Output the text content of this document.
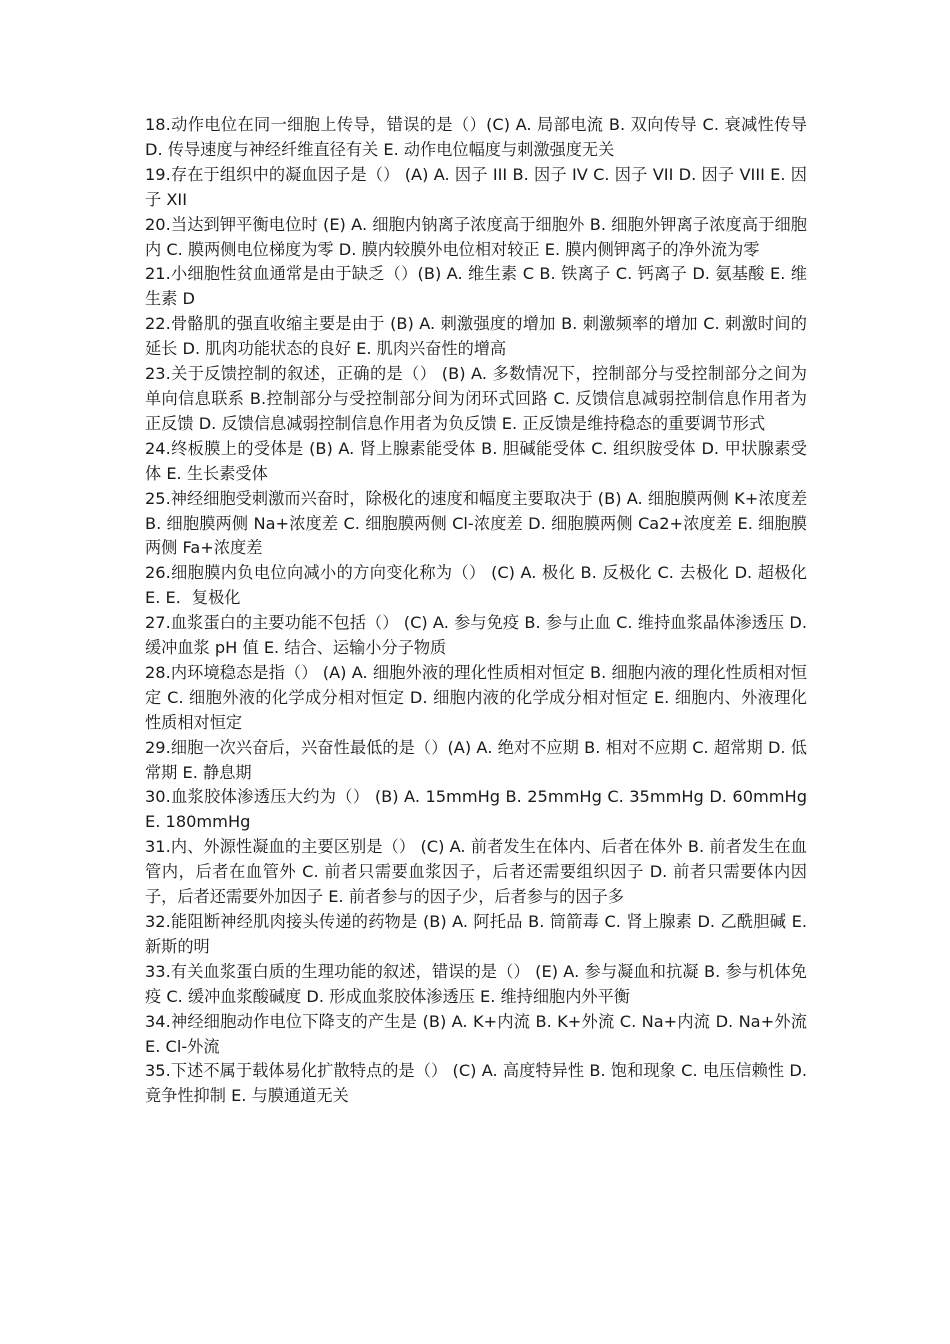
18.动作电位在同一细胞上传导，错误的是（）(C) A. 局部电流 B. 双向传导 C. 衰减性传导 D. 传导速度与神经纤维直径有关 E. 动作电位幅度与刺激强度无关

19.存在于组织中的凝血因子是（） (A) A. 因子 III B. 因子 IV C. 因子 VII D. 因子 VIII E. 因子 XII

20.当达到钾平衡电位时 (E) A. 细胞内钠离子浓度高于细胞外 B. 细胞外钾离子浓度高于细胞内 C. 膜两侧电位梯度为零 D. 膜内较膜外电位相对较正 E. 膜内侧钾离子的净外流为零

21.小细胞性贫血通常是由于缺乏（）(B) A. 维生素 C B. 铁离子 C. 钙离子 D. 氨基酸 E. 维生素 D

22.骨骼肌的强直收缩主要是由于 (B) A. 刺激强度的增加 B. 刺激频率的增加 C. 刺激时间的延长 D. 肌肉功能状态的良好 E. 肌肉兴奋性的增高

23.关于反馈控制的叙述，正确的是（） (B) A. 多数情况下，控制部分与受控制部分之间为单向信息联系 B.控制部分与受控制部分间为闭环式回路 C. 反馈信息减弱控制信息作用者为正反馈 D. 反馈信息减弱控制信息作用者为负反馈 E. 正反馈是维持稳态的重要调节形式

24.终板膜上的受体是 (B) A. 肾上腺素能受体 B. 胆碱能受体 C. 组织胺受体 D. 甲状腺素受体 E. 生长素受体

25.神经细胞受刺激而兴奋时，除极化的速度和幅度主要取决于 (B) A. 细胞膜两侧 K+浓度差 B. 细胞膜两侧 Na+浓度差 C. 细胞膜两侧 Cl-浓度差 D. 细胞膜两侧 Ca2+浓度差 E. 细胞膜两侧 Fa+浓度差

26.细胞膜内负电位向减小的方向变化称为（） (C) A. 极化 B. 反极化 C. 去极化 D. 超极化 E. E．复极化

27.血浆蛋白的主要功能不包括（） (C) A. 参与免疫 B. 参与止血 C. 维持血浆晶体渗透压 D. 缓冲血浆 pH 值 E. 结合、运输小分子物质

28.内环境稳态是指（） (A) A. 细胞外液的理化性质相对恒定 B. 细胞内液的理化性质相对恒定 C. 细胞外液的化学成分相对恒定 D. 细胞内液的化学成分相对恒定 E. 细胞内、外液理化性质相对恒定

29.细胞一次兴奋后，兴奋性最低的是（）(A) A. 绝对不应期 B. 相对不应期 C. 超常期 D. 低常期 E. 静息期

30.血浆胶体渗透压大约为（） (B) A. 15mmHg B. 25mmHg C. 35mmHg D. 60mmHg E. 180mmHg

31.内、外源性凝血的主要区别是（） (C) A. 前者发生在体内、后者在体外 B. 前者发生在血管内，后者在血管外 C. 前者只需要血浆因子，后者还需要组织因子 D. 前者只需要体内因子，后者还需要外加因子 E. 前者参与的因子少，后者参与的因子多

32.能阻断神经肌肉接头传递的药物是 (B) A. 阿托品 B. 筒箭毒 C. 肾上腺素 D. 乙酰胆碱 E. 新斯的明

33.有关血浆蛋白质的生理功能的叙述，错误的是（） (E) A. 参与凝血和抗凝 B. 参与机体免疫 C. 缓冲血浆酸碱度 D. 形成血浆胶体渗透压 E. 维持细胞内外平衡

34.神经细胞动作电位下降支的产生是 (B) A. K+内流 B. K+外流 C. Na+内流 D. Na+外流 E. Cl-外流

35.下述不属于载体易化扩散特点的是（） (C) A. 高度特异性 B. 饱和现象 C. 电压信赖性 D. 竟争性抑制 E. 与膜通道无关
